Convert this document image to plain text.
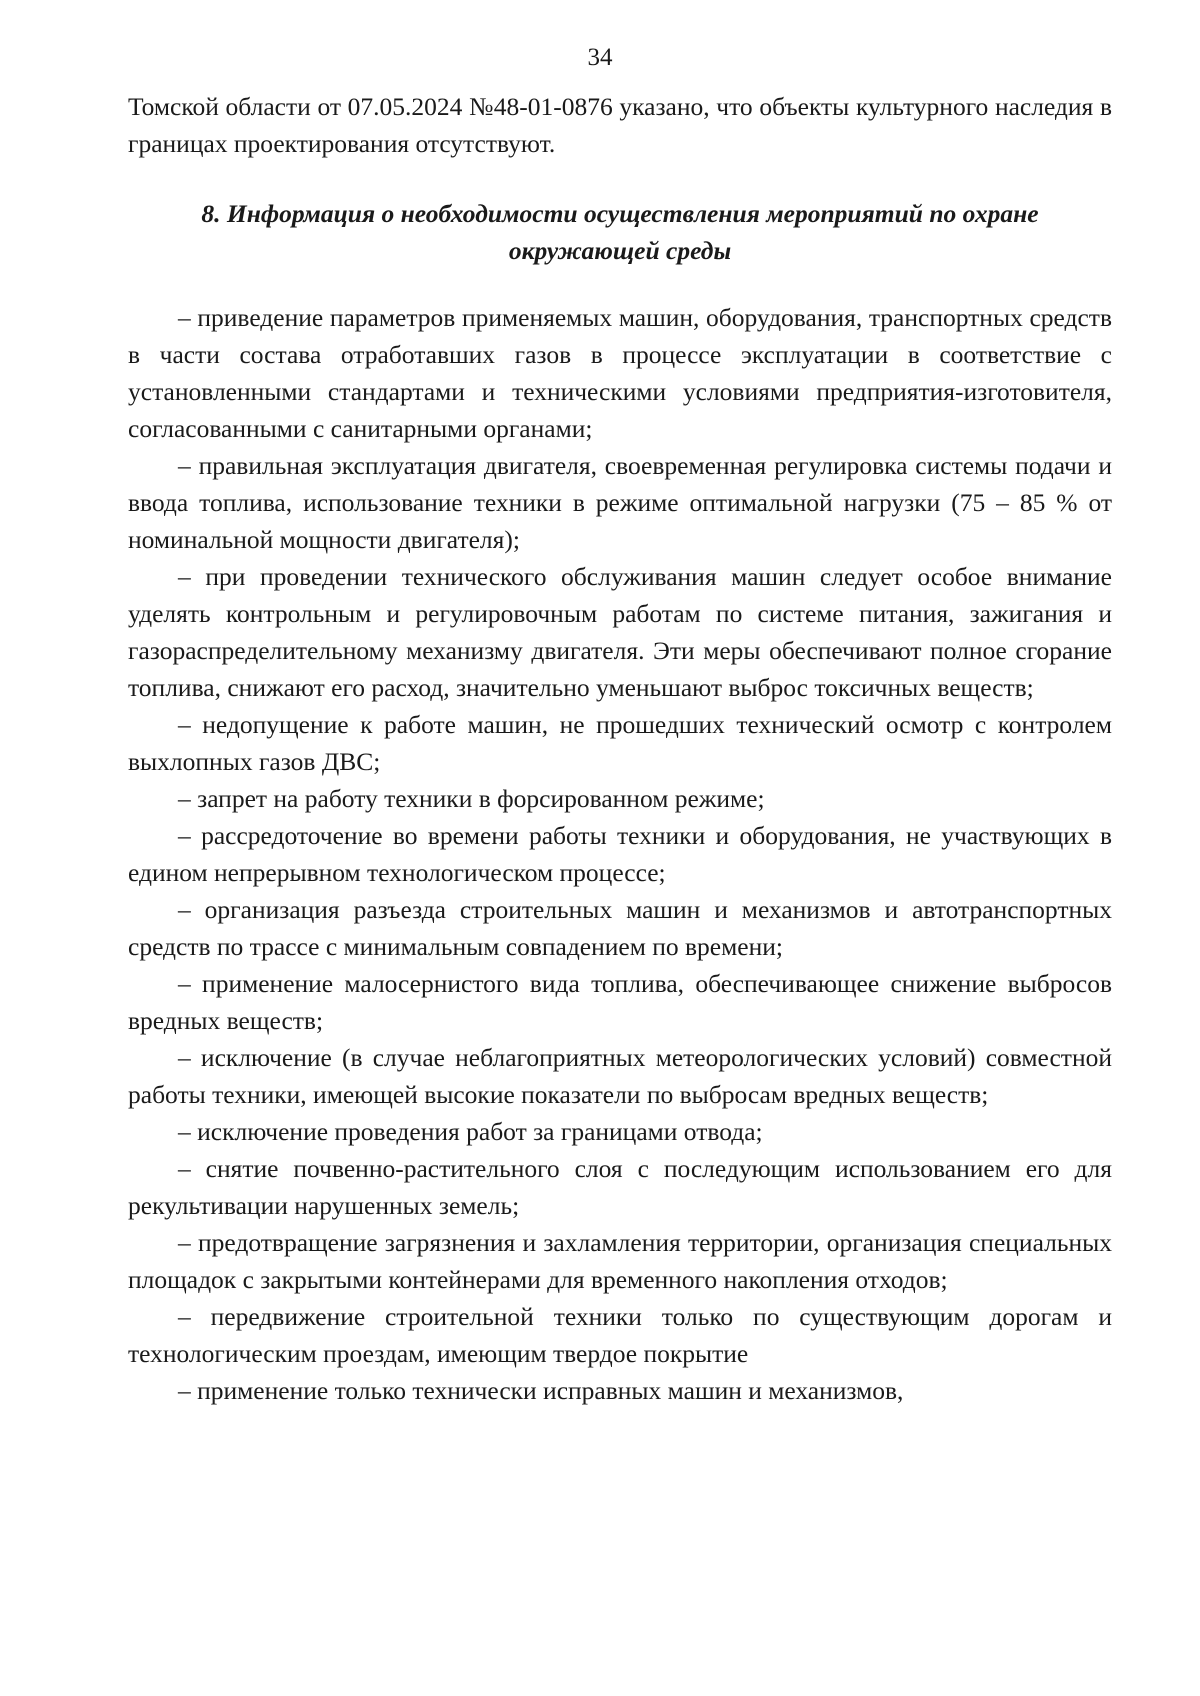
34

Томской области от 07.05.2024 №48-01-0876 указано, что объекты культурного наследия в границах проектирования отсутствуют.

8. Информация о необходимости осуществления мероприятий по охране окружающей среды

– приведение параметров применяемых машин, оборудования, транспортных средств в части состава отработавших газов в процессе эксплуатации в соответствие с установленными стандартами и техническими условиями предприятия-изготовителя, согласованными с санитарными органами;

– правильная эксплуатация двигателя, своевременная регулировка системы подачи и ввода топлива, использование техники в режиме оптимальной нагрузки (75 – 85 % от номинальной мощности двигателя);

– при проведении технического обслуживания машин следует особое внимание уделять контрольным и регулировочным работам по системе питания, зажигания и газораспределительному механизму двигателя. Эти меры обеспечивают полное сгорание топлива, снижают его расход, значительно уменьшают выброс токсичных веществ;

– недопущение к работе машин, не прошедших технический осмотр с контролем выхлопных газов ДВС;

– запрет на работу техники в форсированном режиме;

– рассредоточение во времени работы техники и оборудования, не участвующих в едином непрерывном технологическом процессе;

– организация разъезда строительных машин и механизмов и автотранспортных средств по трассе с минимальным совпадением по времени;

– применение малосернистого вида топлива, обеспечивающее снижение выбросов вредных веществ;

– исключение (в случае неблагоприятных метеорологических условий) совместной работы техники, имеющей высокие показатели по выбросам вредных веществ;

– исключение проведения работ за границами отвода;

– снятие почвенно-растительного слоя с последующим использованием его для рекультивации нарушенных земель;

– предотвращение загрязнения и захламления территории, организация специальных площадок с закрытыми контейнерами для временного накопления отходов;

– передвижение строительной техники только по существующим дорогам и технологическим проездам, имеющим твердое покрытие

– применение только технически исправных машин и механизмов,
